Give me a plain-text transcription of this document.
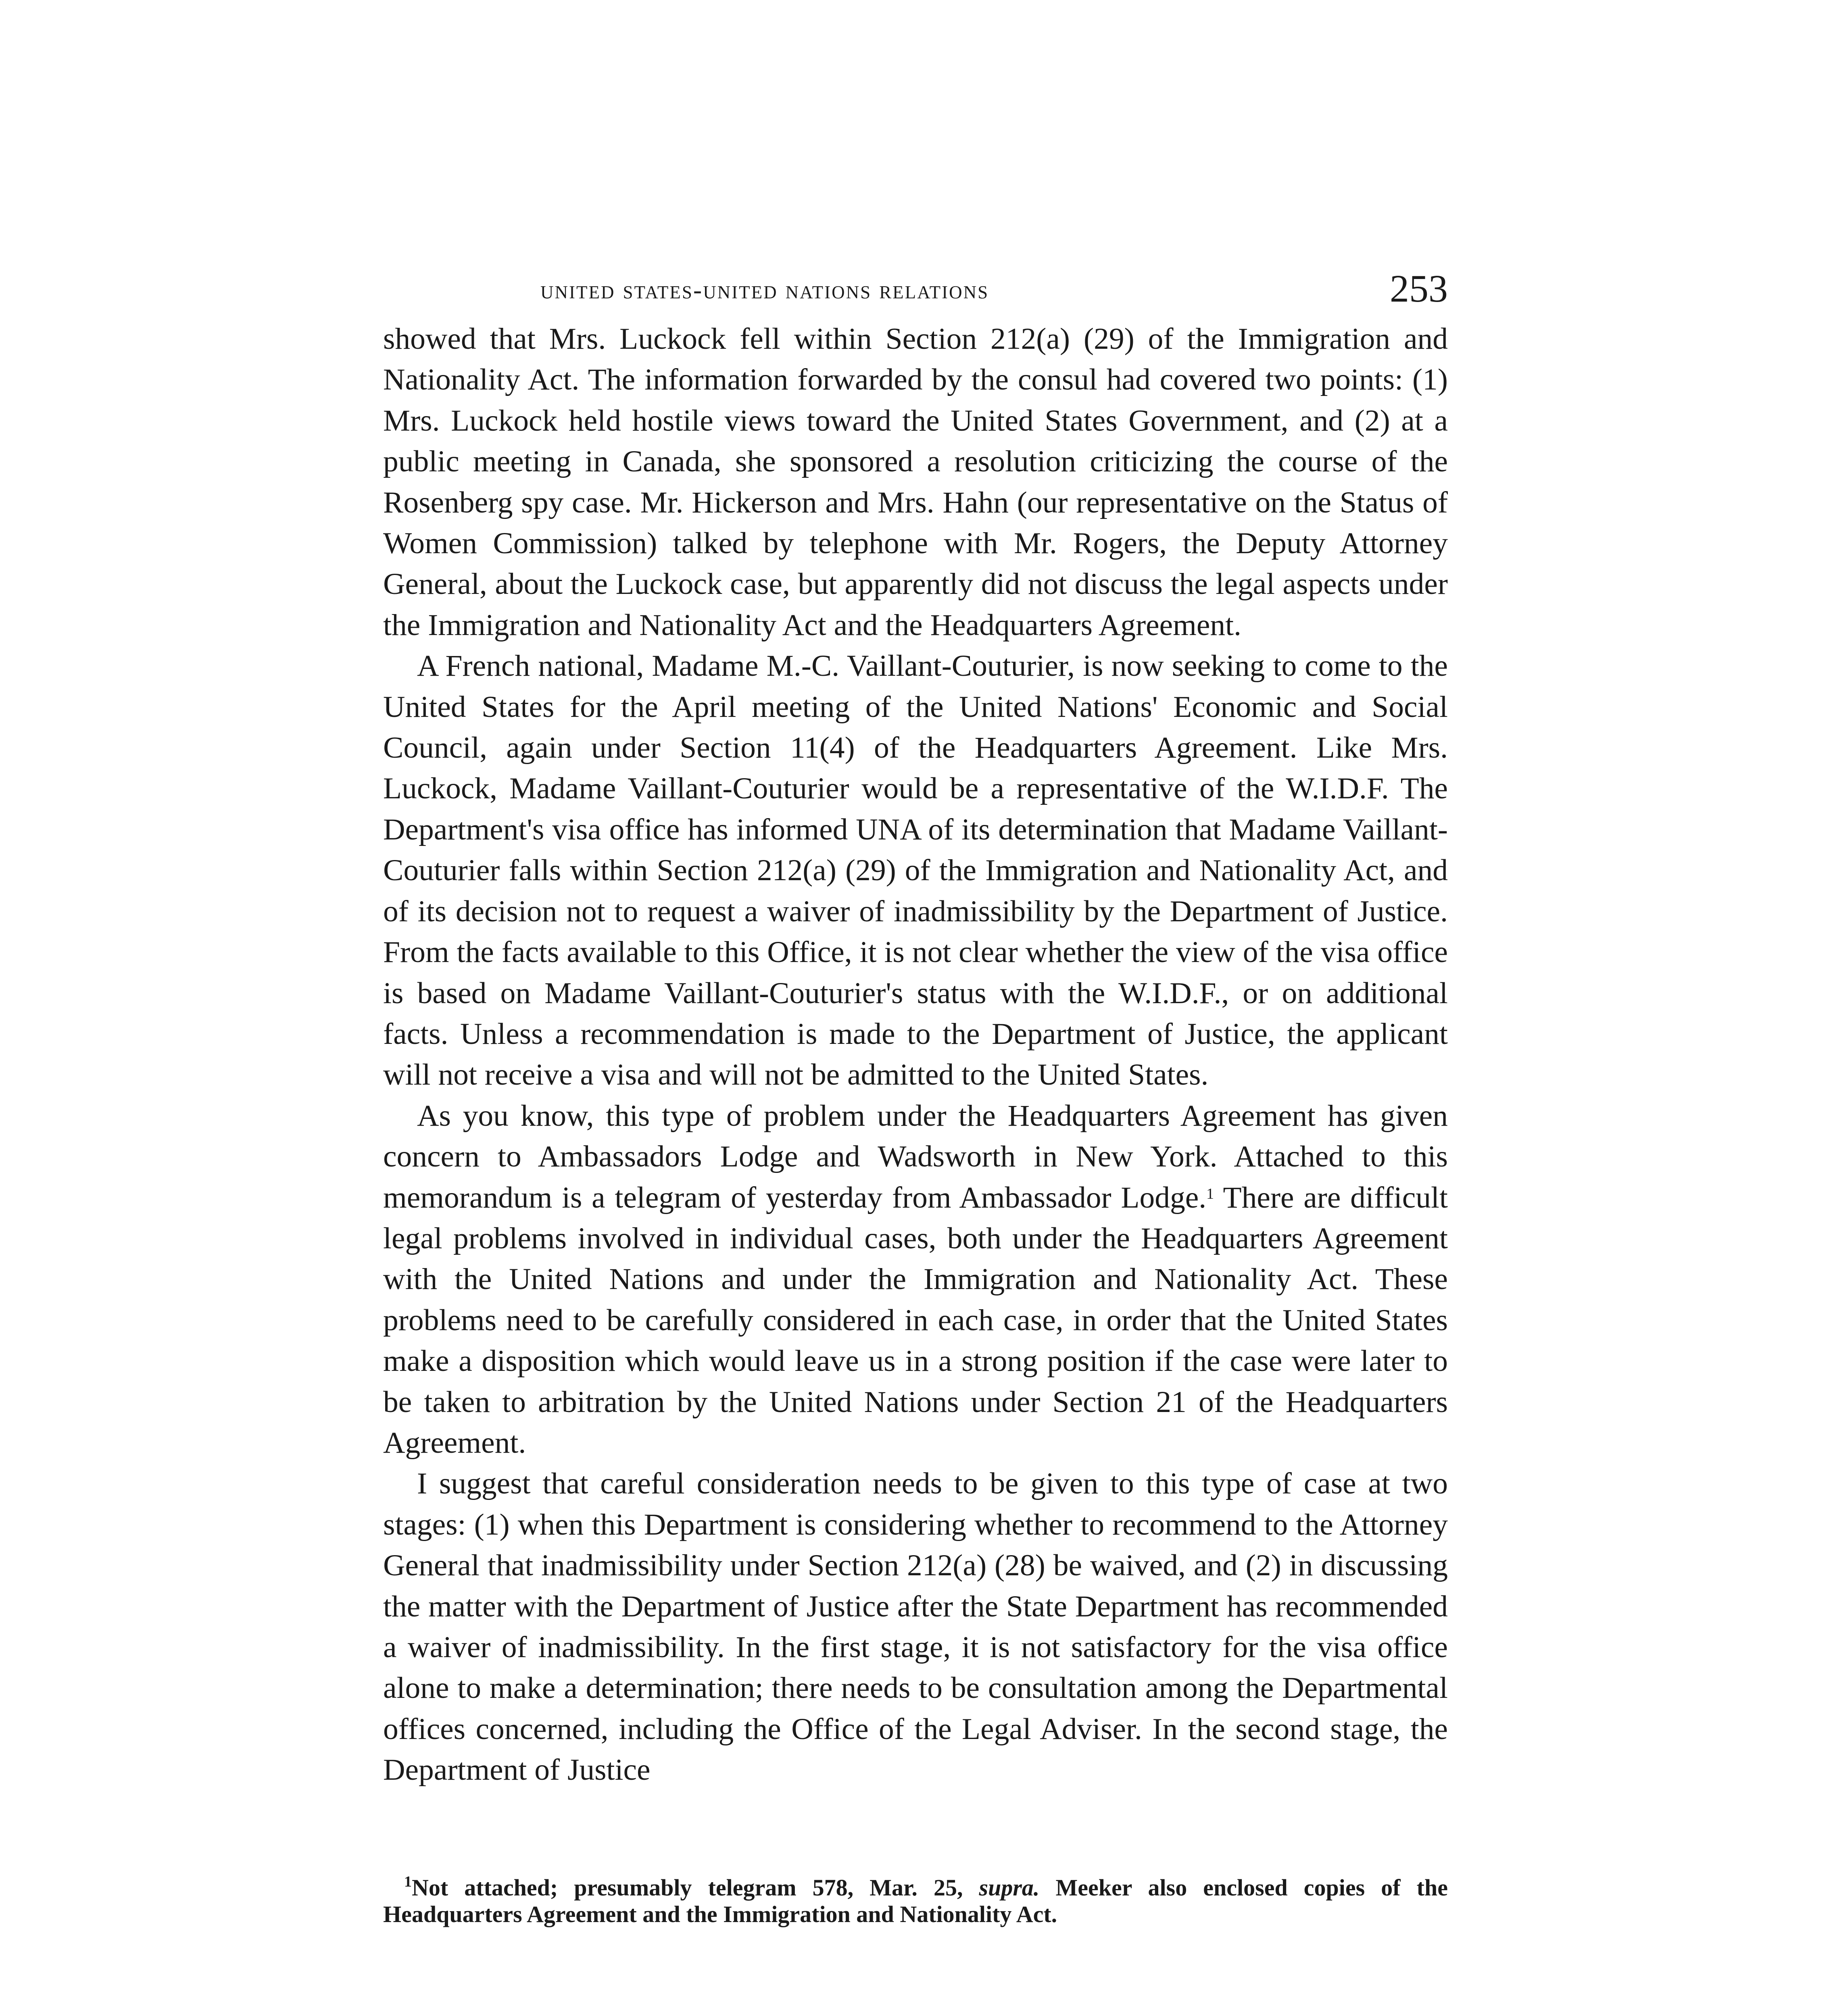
united states-united nations relations	253

showed that Mrs. Luckock fell within Section 212(a) (29) of the Immigration and Nationality Act. The information forwarded by the consul had covered two points: (1) Mrs. Luckock held hostile views toward the United States Government, and (2) at a public meeting in Canada, she sponsored a resolution criticizing the course of the Rosenberg spy case. Mr. Hickerson and Mrs. Hahn (our representative on the Status of Women Commission) talked by telephone with Mr. Rogers, the Deputy Attorney General, about the Luckock case, but apparently did not discuss the legal aspects under the Immigration and Nationality Act and the Headquarters Agreement.

A French national, Madame M.-C. Vaillant-Couturier, is now seeking to come to the United States for the April meeting of the United Nations' Economic and Social Council, again under Section 11(4) of the Headquarters Agreement. Like Mrs. Luckock, Madame Vaillant-Couturier would be a representative of the W.I.D.F. The Department's visa office has informed UNA of its determination that Madame Vaillant-Couturier falls within Section 212(a) (29) of the Immigration and Nationality Act, and of its decision not to request a waiver of inadmissibility by the Department of Justice. From the facts available to this Office, it is not clear whether the view of the visa office is based on Madame Vaillant-Couturier's status with the W.I.D.F., or on additional facts. Unless a recommendation is made to the Department of Justice, the applicant will not receive a visa and will not be admitted to the United States.

As you know, this type of problem under the Headquarters Agreement has given concern to Ambassadors Lodge and Wadsworth in New York. Attached to this memorandum is a telegram of yesterday from Ambassador Lodge.$^1$ There are difficult legal problems involved in individual cases, both under the Headquarters Agreement with the United Nations and under the Immigration and Nationality Act. These problems need to be carefully considered in each case, in order that the United States make a disposition which would leave us in a strong position if the case were later to be taken to arbitration by the United Nations under Section 21 of the Headquarters Agreement.

I suggest that careful consideration needs to be given to this type of case at two stages: (1) when this Department is considering whether to recommend to the Attorney General that inadmissibility under Section 212(a) (28) be waived, and (2) in discussing the matter with the Department of Justice after the State Department has recommended a waiver of inadmissibility. In the first stage, it is not satisfactory for the visa office alone to make a determination; there needs to be consultation among the Departmental offices concerned, including the Office of the Legal Adviser. In the second stage, the Department of Justice

$^1$Not attached; presumably telegram 578, Mar. 25, supra. Meeker also enclosed copies of the Headquarters Agreement and the Immigration and Nationality Act.
